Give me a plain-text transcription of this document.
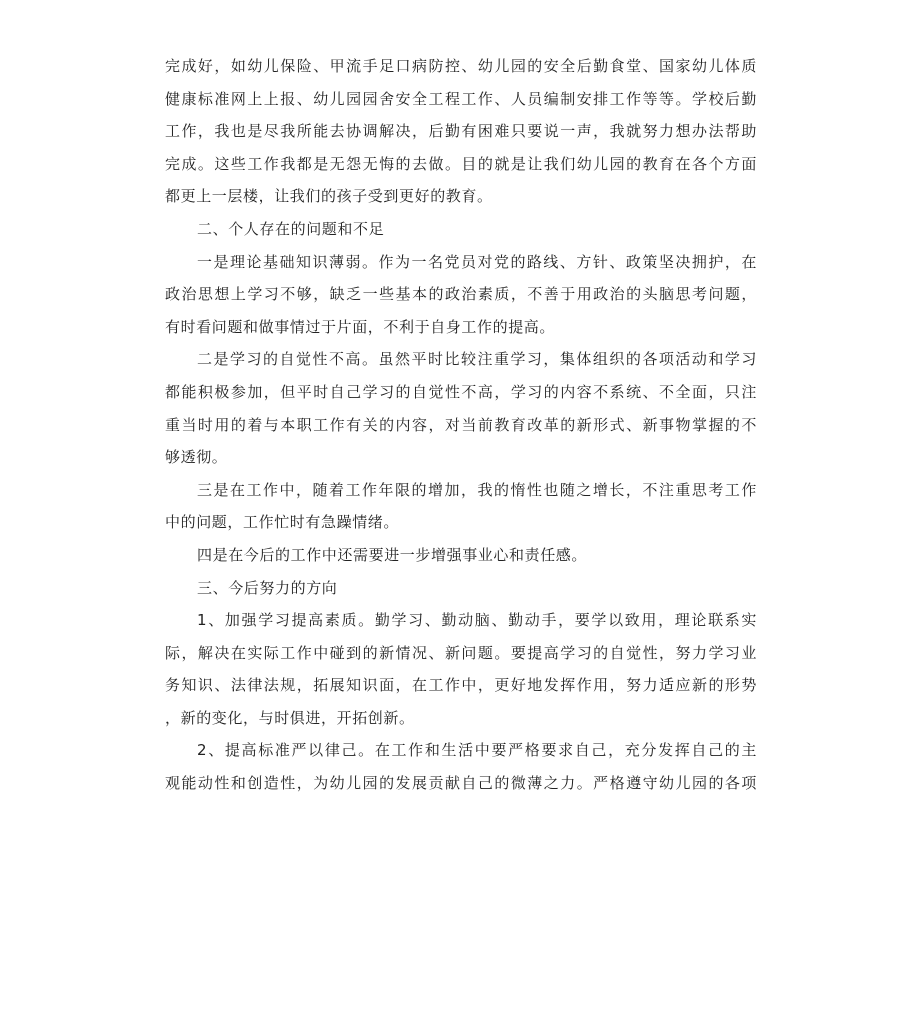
完成好，如幼儿保险、甲流手足口病防控、幼儿园的安全后勤食堂、国家幼儿体质
健康标准网上上报、幼儿园园舍安全工程工作、人员编制安排工作等等。学校后勤
工作，我也是尽我所能去协调解决，后勤有困难只要说一声，我就努力想办法帮助
完成。这些工作我都是无怨无悔的去做。目的就是让我们幼儿园的教育在各个方面
都更上一层楼，让我们的孩子受到更好的教育。
二、个人存在的问题和不足
一是理论基础知识薄弱。作为一名党员对党的路线、方针、政策坚决拥护，在
政治思想上学习不够，缺乏一些基本的政治素质，不善于用政治的头脑思考问题，
有时看问题和做事情过于片面，不利于自身工作的提高。
二是学习的自觉性不高。虽然平时比较注重学习，集体组织的各项活动和学习
都能积极参加，但平时自己学习的自觉性不高，学习的内容不系统、不全面，只注
重当时用的着与本职工作有关的内容，对当前教育改革的新形式、新事物掌握的不
够透彻。
三是在工作中，随着工作年限的增加，我的惰性也随之增长，不注重思考工作
中的问题，工作忙时有急躁情绪。
四是在今后的工作中还需要进一步增强事业心和责任感。
三、今后努力的方向
1、加强学习提高素质。勤学习、勤动脑、勤动手，要学以致用，理论联系实
际，解决在实际工作中碰到的新情况、新问题。要提高学习的自觉性，努力学习业
务知识、法律法规，拓展知识面，在工作中，更好地发挥作用，努力适应新的形势
，新的变化，与时俱进，开拓创新。
2、提高标准严以律己。在工作和生活中要严格要求自己，充分发挥自己的主
观能动性和创造性，为幼儿园的发展贡献自己的微薄之力。严格遵守幼儿园的各项
